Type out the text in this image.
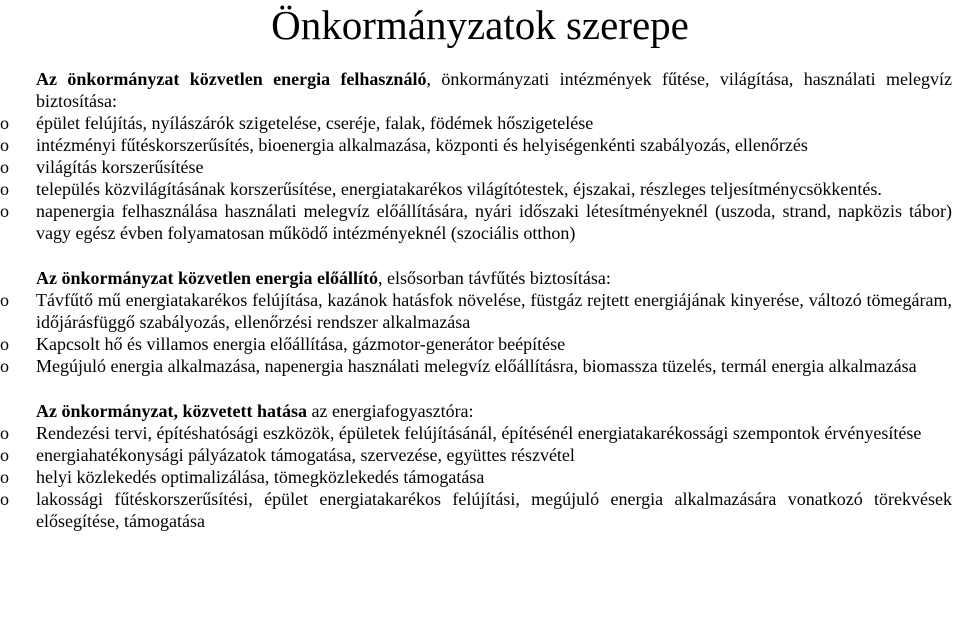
Önkormányzatok szerepe
Az önkormányzat közvetlen energia felhasználó, önkormányzati intézmények fűtése, világítása, használati melegvíz biztosítása:
o épület felújítás, nyílászárók szigetelése, cseréje, falak, födémek hőszigetelése
o intézményi fűtéskorszerűsítés, bioenergia alkalmazása, központi és helyiségenkénti szabályozás, ellenőrzés
o világítás korszerűsítése
o település közvilágításának korszerűsítése, energiatakarékos világítótestek, éjszakai, részleges teljesítménycsökkentés.
o napenergia felhasználása használati melegvíz előállítására, nyári időszaki létesítményeknél (uszoda, strand, napközis tábor) vagy egész évben folyamatosan működő intézményeknél (szociális otthon)
Az önkormányzat közvetlen energia előállító, elsősorban távfűtés biztosítása:
o Távfűtő mű energiatakarékos felújítása, kazánok hatásfok növelése, füstgáz rejtett energiájának kinyerése, változó tömegáram, időjárásfüggő szabályozás, ellenőrzési rendszer alkalmazása
o Kapcsolt hő és villamos energia előállítása, gázmotor-generátor beépítése
o Megújuló energia alkalmazása, napenergia használati melegvíz előállításra, biomassza tüzelés, termál energia alkalmazása
Az önkormányzat, közvetett hatása az energiafogyasztóra:
o Rendezési tervi, építéshatósági eszközök, épületek felújításánál, építésénél energiatakarékossági szempontok érvényesítése
o energiahatékonysági pályázatok támogatása, szervezése, együttes részvétel
o helyi közlekedés optimalizálása, tömegközlekedés támogatása
o lakossági fűtéskorszerűsítési, épület energiatakarékos felújítási, megújuló energia alkalmazására vonatkozó törekvések elősegítése, támogatása
